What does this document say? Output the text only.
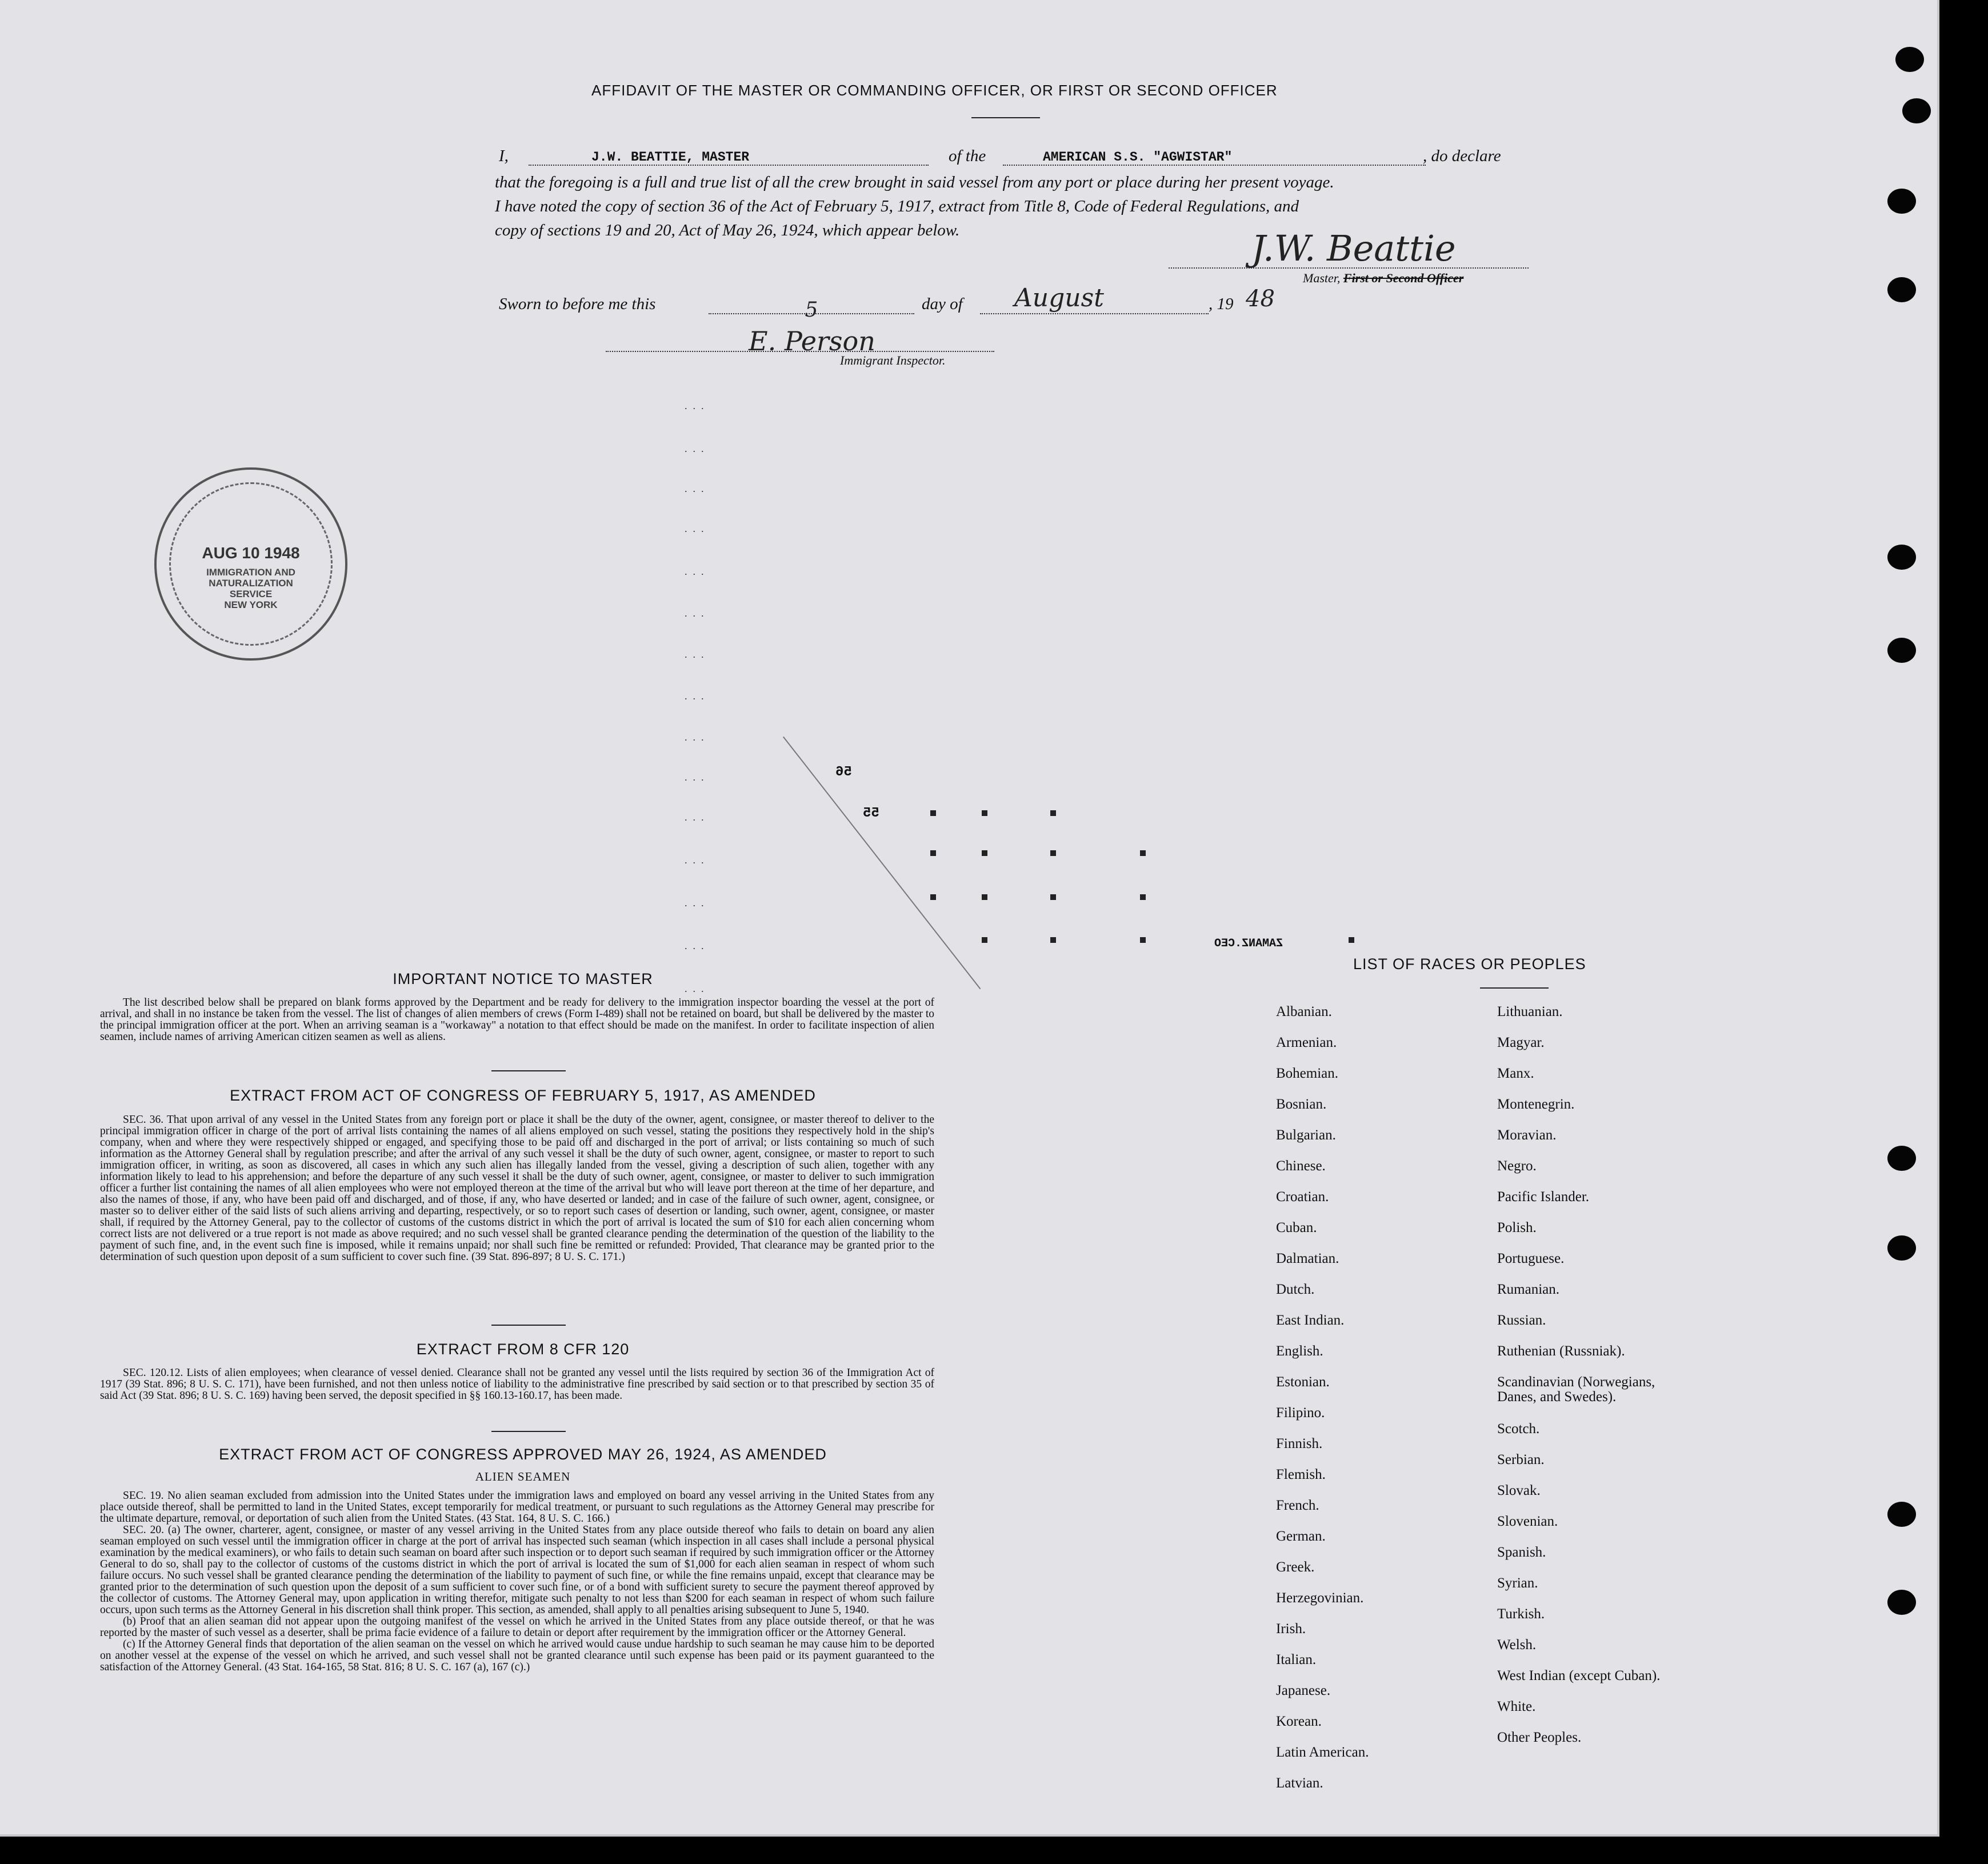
AFFIDAVIT OF THE MASTER OR COMMANDING OFFICER, OR FIRST OR SECOND OFFICER
I,	J.W. BEATTIE, MASTER	of the	AMERICAN S.S. "AGWISTAR"	, do declare
that the foregoing is a full and true list of all the crew brought in said vessel from any port or place during her present voyage.
I have noted the copy of section 36 of the Act of February 5, 1917, extract from Title 8, Code of Federal Regulations, and
copy of sections 19 and 20, Act of May 26, 1924, which appear below.	J.W. Beattie
Master, First or Second Officer
Sworn to before me this	5	day of	August	, 19 48
E. Person
Immigrant Inspector.
AUG 10 1948
IMMIGRATION AND
NATURALIZATION
SERVICE
NEW YORK
...
...
...
...
...
...
...
...
...
...
...
...
...
...
...
56
55
ZAMANZ.CEO
IMPORTANT NOTICE TO MASTER
The list described below shall be prepared on blank forms approved by the Department and be ready for delivery to the immigration inspector boarding the vessel at the port of arrival, and shall in no instance be taken from the vessel. The list of changes of alien members of crews (Form I-489) shall not be retained on board, but shall be delivered by the master to the principal immigration officer at the port. When an arriving seaman is a "workaway" a notation to that effect should be made on the manifest. In order to facilitate inspection of alien seamen, include names of arriving American citizen seamen as well as aliens.
EXTRACT FROM ACT OF CONGRESS OF FEBRUARY 5, 1917, AS AMENDED
SEC. 36. That upon arrival of any vessel in the United States from any foreign port or place it shall be the duty of the owner, agent, consignee, or master thereof to deliver to the principal immigration officer in charge of the port of arrival lists containing the names of all aliens employed on such vessel, stating the positions they respectively hold in the ship's company, when and where they were respectively shipped or engaged, and specifying those to be paid off and discharged in the port of arrival; or lists containing so much of such information as the Attorney General shall by regulation prescribe; and after the arrival of any such vessel it shall be the duty of such owner, agent, consignee, or master to report to such immigration officer, in writing, as soon as discovered, all cases in which any such alien has illegally landed from the vessel, giving a description of such alien, together with any information likely to lead to his apprehension; and before the departure of any such vessel it shall be the duty of such owner, agent, consignee, or master to deliver to such immigration officer a further list containing the names of all alien employees who were not employed thereon at the time of the arrival but who will leave port thereon at the time of her departure, and also the names of those, if any, who have been paid off and discharged, and of those, if any, who have deserted or landed; and in case of the failure of such owner, agent, consignee, or master so to deliver either of the said lists of such aliens arriving and departing, respectively, or so to report such cases of desertion or landing, such owner, agent, consignee, or master shall, if required by the Attorney General, pay to the collector of customs of the customs district in which the port of arrival is located the sum of $10 for each alien concerning whom correct lists are not delivered or a true report is not made as above required; and no such vessel shall be granted clearance pending the determination of the question of the liability to the payment of such fine, and, in the event such fine is imposed, while it remains unpaid; nor shall such fine be remitted or refunded: Provided, That clearance may be granted prior to the determination of such question upon deposit of a sum sufficient to cover such fine. (39 Stat. 896-897; 8 U. S. C. 171.)
EXTRACT FROM 8 CFR 120
SEC. 120.12. Lists of alien employees; when clearance of vessel denied. Clearance shall not be granted any vessel until the lists required by section 36 of the Immigration Act of 1917 (39 Stat. 896; 8 U. S. C. 171), have been furnished, and not then unless notice of liability to the administrative fine prescribed by said section or to that prescribed by section 35 of said Act (39 Stat. 896; 8 U. S. C. 169) having been served, the deposit specified in §§ 160.13-160.17, has been made.
EXTRACT FROM ACT OF CONGRESS APPROVED MAY 26, 1924, AS AMENDED
ALIEN SEAMEN
SEC. 19. No alien seaman excluded from admission into the United States under the immigration laws and employed on board any vessel arriving in the United States from any place outside thereof, shall be permitted to land in the United States, except temporarily for medical treatment, or pursuant to such regulations as the Attorney General may prescribe for the ultimate departure, removal, or deportation of such alien from the United States. (43 Stat. 164, 8 U. S. C. 166.)
SEC. 20. (a) The owner, charterer, agent, consignee, or master of any vessel arriving in the United States from any place outside thereof who fails to detain on board any alien seaman employed on such vessel until the immigration officer in charge at the port of arrival has inspected such seaman (which inspection in all cases shall include a personal physical examination by the medical examiners), or who fails to detain such seaman on board after such inspection or to deport such seaman if required by such immigration officer or the Attorney General to do so, shall pay to the collector of customs of the customs district in which the port of arrival is located the sum of $1,000 for each alien seaman in respect of whom such failure occurs. No such vessel shall be granted clearance pending the determination of the liability to payment of such fine, or while the fine remains unpaid, except that clearance may be granted prior to the determination of such question upon the deposit of a sum sufficient to cover such fine, or of a bond with sufficient surety to secure the payment thereof approved by the collector of customs. The Attorney General may, upon application in writing therefor, mitigate such penalty to not less than $200 for each seaman in respect of whom such failure occurs, upon such terms as the Attorney General in his discretion shall think proper. This section, as amended, shall apply to all penalties arising subsequent to June 5, 1940.
(b) Proof that an alien seaman did not appear upon the outgoing manifest of the vessel on which he arrived in the United States from any place outside thereof, or that he was reported by the master of such vessel as a deserter, shall be prima facie evidence of a failure to detain or deport after requirement by the immigration officer or the Attorney General.
(c) If the Attorney General finds that deportation of the alien seaman on the vessel on which he arrived would cause undue hardship to such seaman he may cause him to be deported on another vessel at the expense of the vessel on which he arrived, and such vessel shall not be granted clearance until such expense has been paid or its payment guaranteed to the satisfaction of the Attorney General. (43 Stat. 164-165, 58 Stat. 816; 8 U. S. C. 167 (a), 167 (c).)
LIST OF RACES OR PEOPLES
Albanian.
Armenian.
Bohemian.
Bosnian.
Bulgarian.
Chinese.
Croatian.
Cuban.
Dalmatian.
Dutch.
East Indian.
English.
Estonian.
Filipino.
Finnish.
Flemish.
French.
German.
Greek.
Herzegovinian.
Irish.
Italian.
Japanese.
Korean.
Latin American.
Latvian.
Lithuanian.
Magyar.
Manx.
Montenegrin.
Moravian.
Negro.
Pacific Islander.
Polish.
Portuguese.
Rumanian.
Russian.
Ruthenian (Russniak).
Scandinavian (Norwegians,
Danes, and Swedes).
Scotch.
Serbian.
Slovak.
Slovenian.
Spanish.
Syrian.
Turkish.
Welsh.
West Indian (except Cuban).
White.
Other Peoples.
